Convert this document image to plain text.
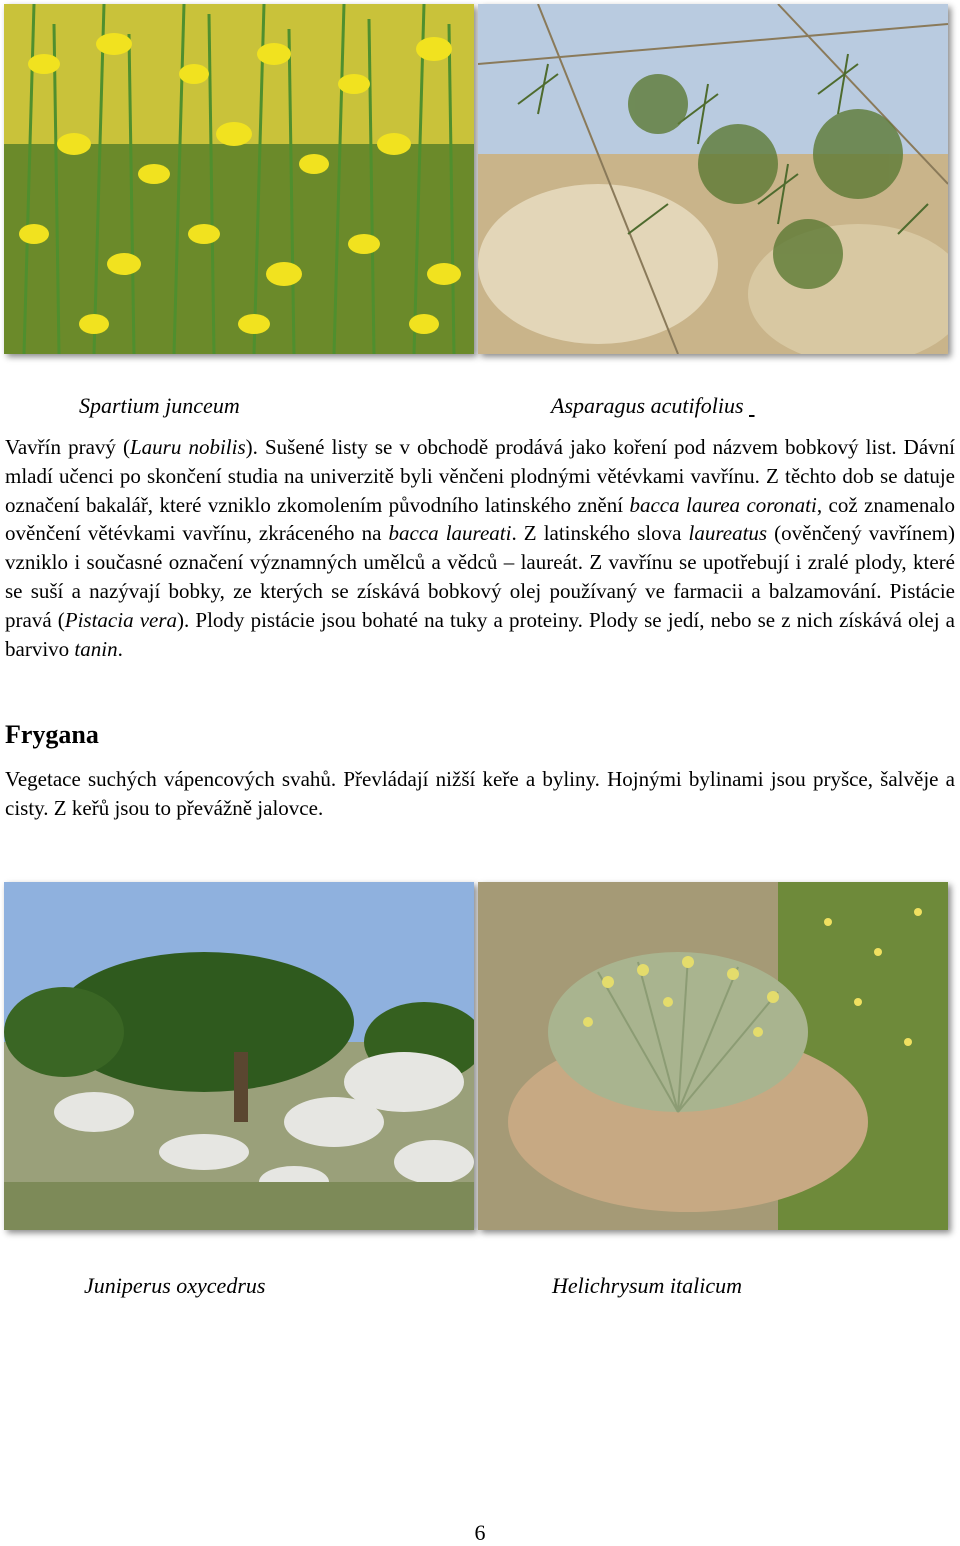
Spartium junceum	Asparagus acutifolius
Vavřín pravý (Lauru nobilis). Sušené listy se v obchodě prodává jako koření pod názvem bobkový list. Dávní mladí učenci po skončení studia na univerzitě byli věnčeni plodnými větévkami vavřínu. Z těchto dob se datuje označení bakalář, které vzniklo zkomolením původního latinského znění bacca laurea coronati, což znamenalo ověnčení větévkami vavřínu, zkráceného na bacca laureati. Z latinského slova laureatus (ověnčený vavřínem) vzniklo i současné označení významných umělců a vědců – laureát. Z vavřínu se upotřebují i zralé plody, které se suší a nazývají bobky, ze kterých se získává bobkový olej používaný ve farmacii a balzamování. Pistácie pravá (Pistacia vera). Plody pistácie jsou bohaté na tuky a proteiny. Plody se jedí, nebo se z nich získává olej a barvivo tanin.
Frygana
Vegetace suchých vápencových svahů. Převládají nižší keře a byliny. Hojnými bylinami jsou pryšce, šalvěje a cisty. Z keřů jsou to převážně jalovce.
Juniperus oxycedrus	Helichrysum italicum
6
